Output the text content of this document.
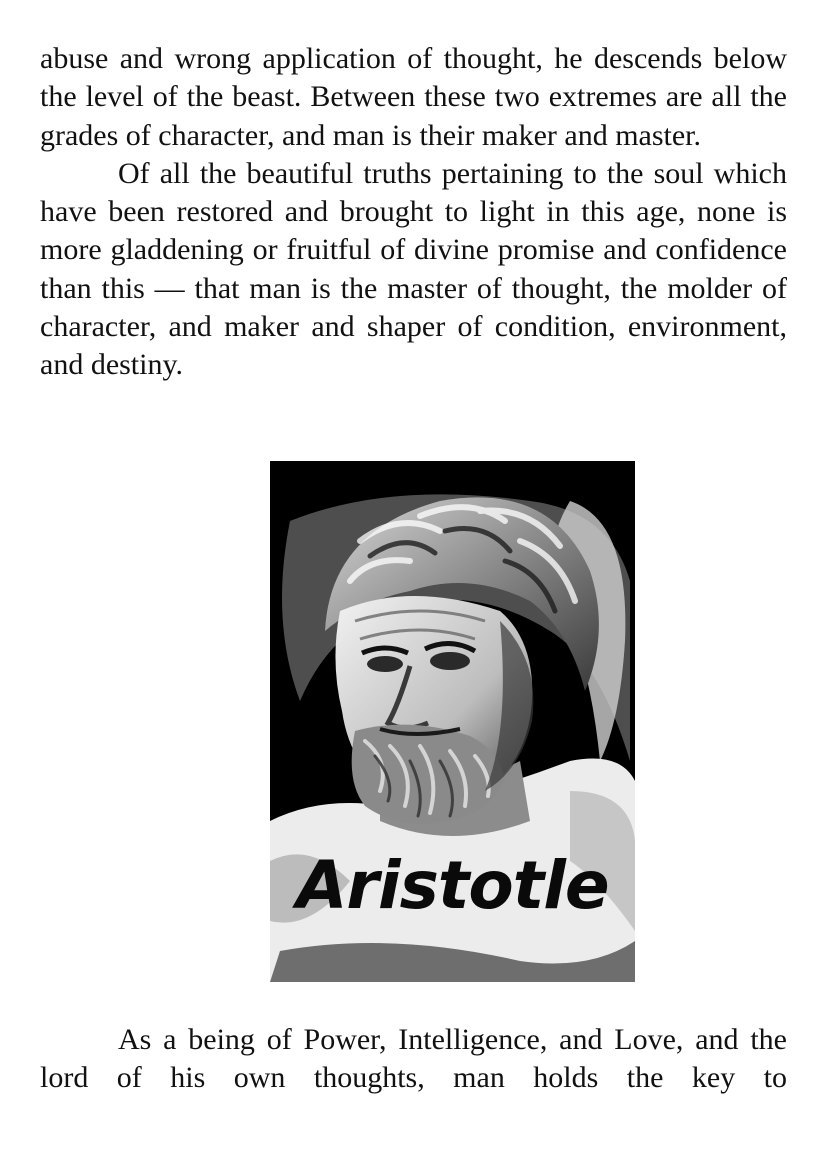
abuse and wrong application of thought, he descends below the level of the beast. Between these two extremes are all the grades of character, and man is their maker and master.

Of all the beautiful truths pertaining to the soul which have been restored and brought to light in this age, none is more gladdening or fruitful of divine promise and confidence than this — that man is the master of thought, the molder of character, and maker and shaper of condition, environment, and destiny.

Aristotle

As a being of Power, Intelligence, and Love, and the lord of his own thoughts, man holds the key to
